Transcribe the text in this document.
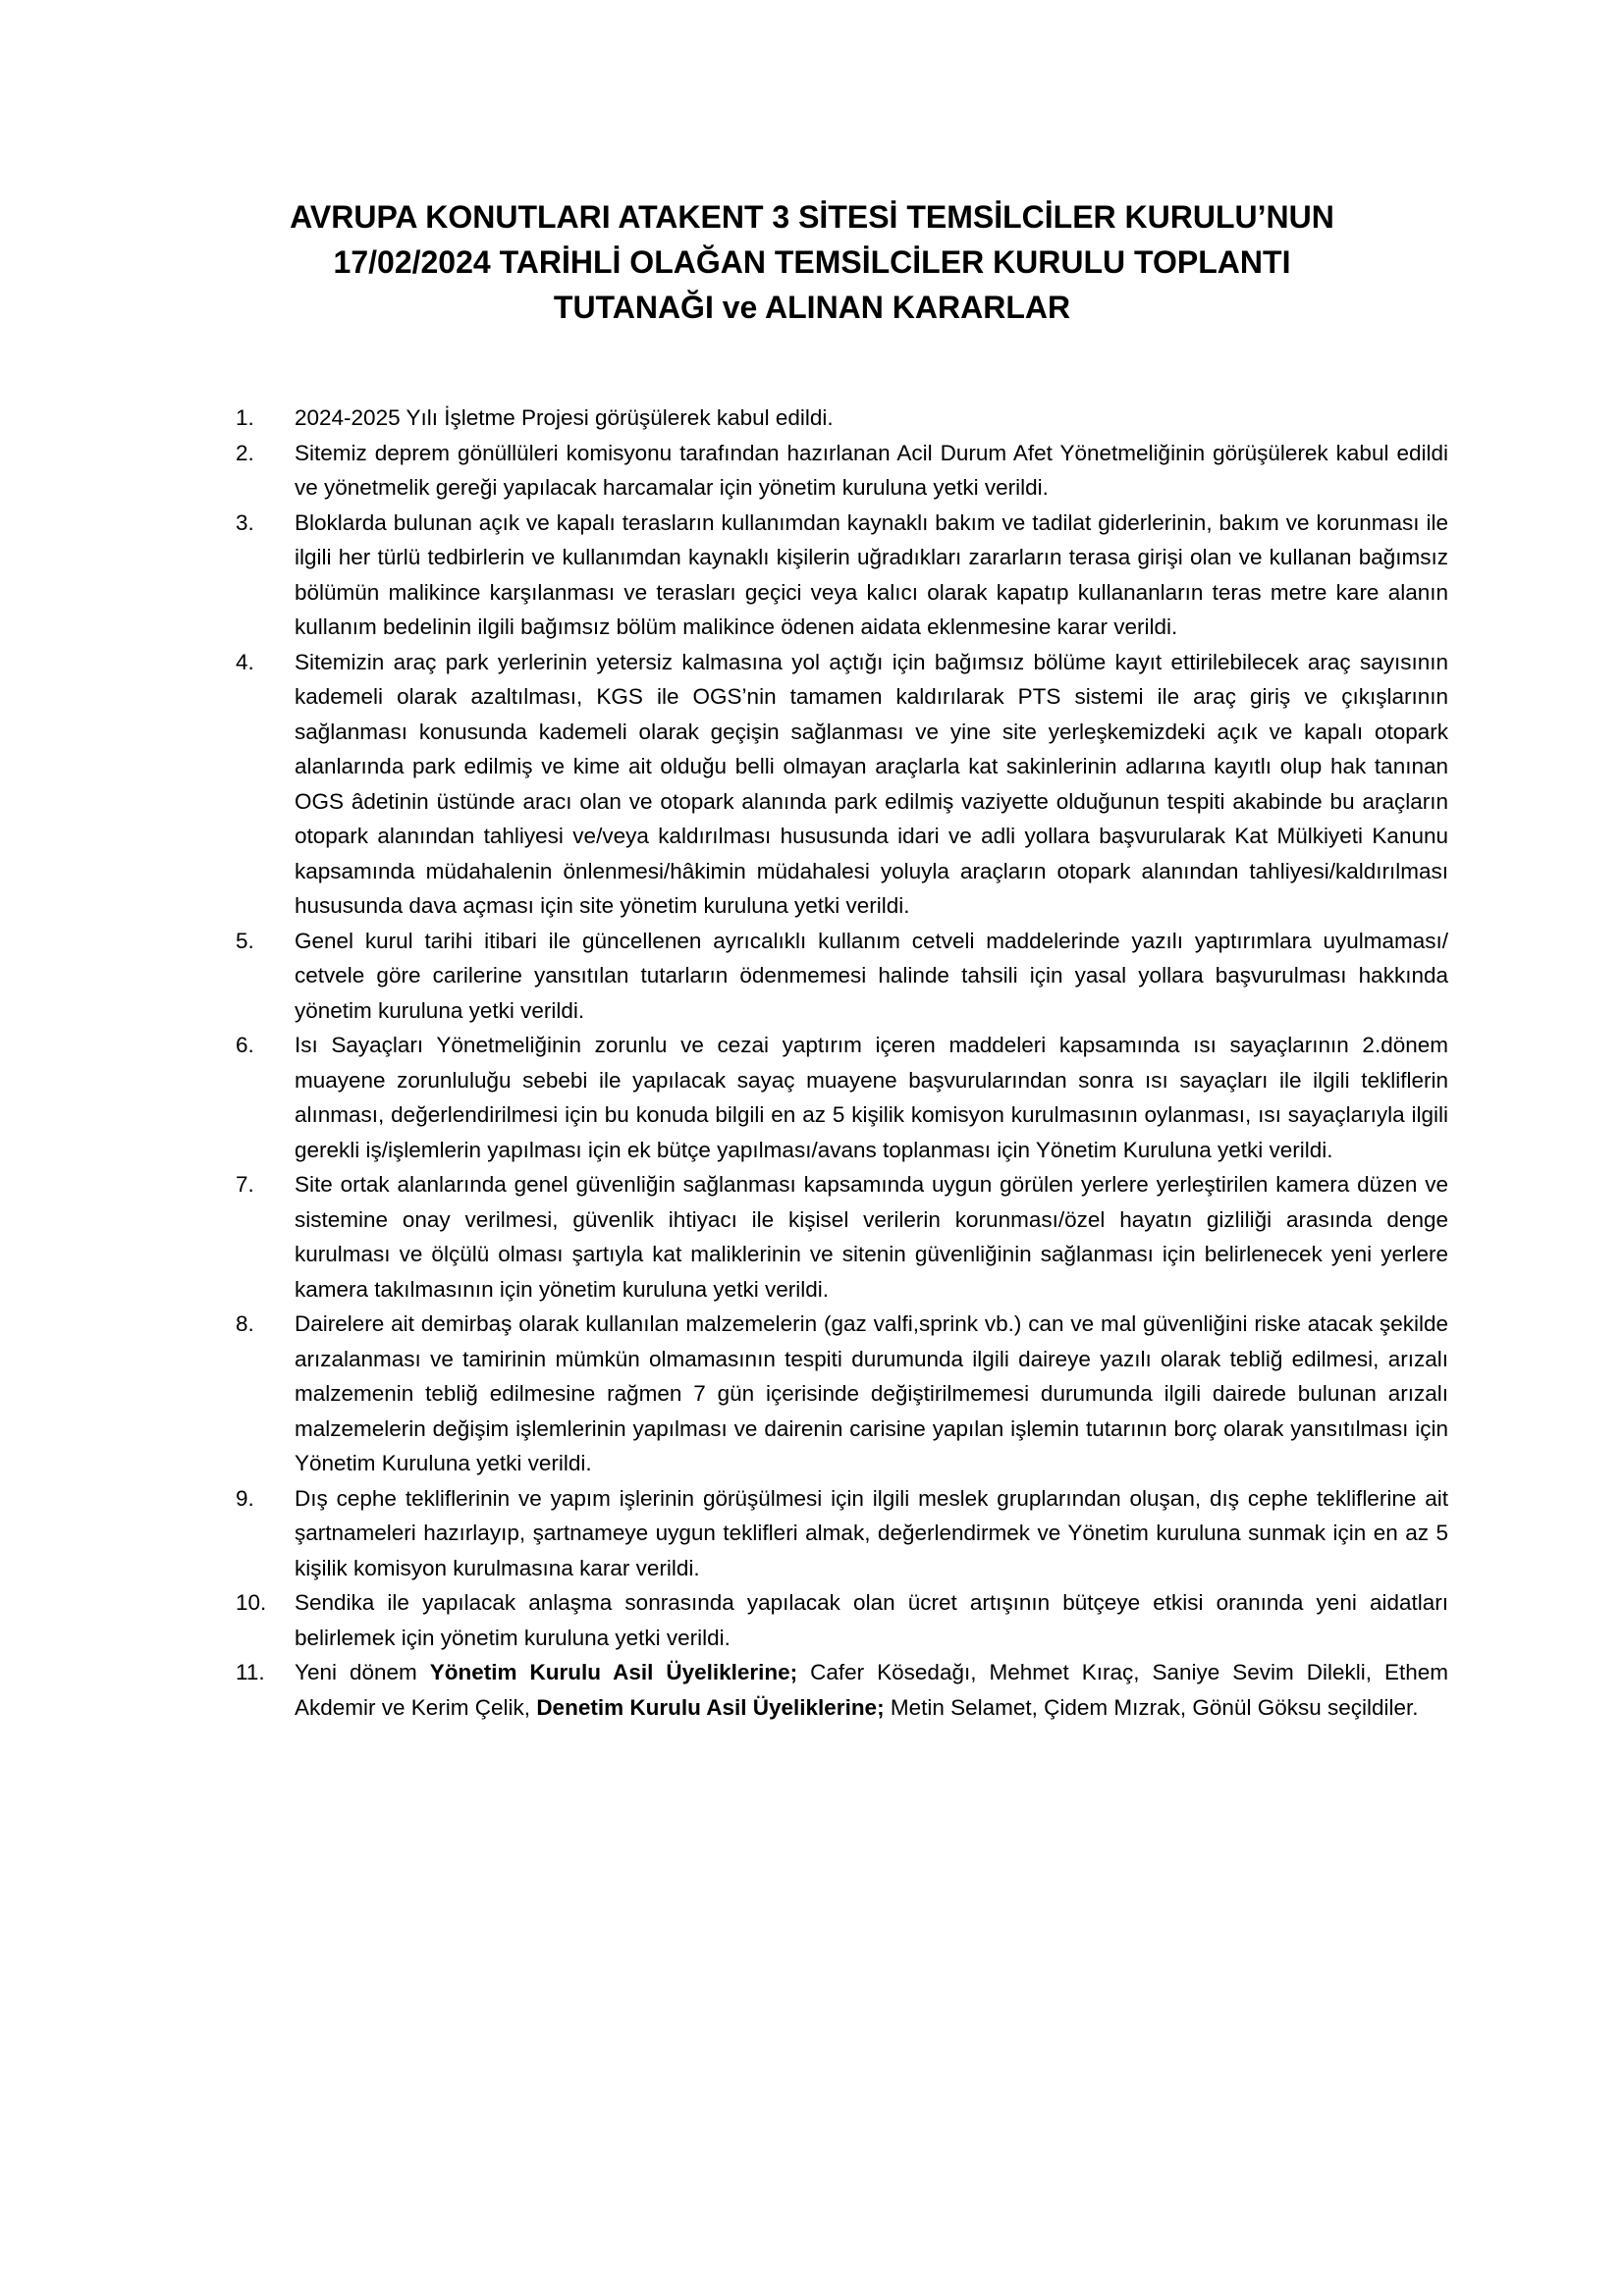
AVRUPA KONUTLARI ATAKENT 3 SİTESİ TEMSİLCİLER KURULU’NUN
17/02/2024 TARİHLİ OLAĞAN TEMSİLCİLER KURULU TOPLANTI
TUTANAĞI ve ALINAN KARARLAR
1.	2024-2025 Yılı İşletme Projesi görüşülerek kabul edildi.
2.	Sitemiz deprem gönüllüleri komisyonu tarafından hazırlanan Acil Durum Afet Yönetmeliğinin görüşülerek kabul edildi ve yönetmelik gereği yapılacak harcamalar için yönetim kuruluna yetki verildi.
3.	Bloklarda bulunan açık ve kapalı terasların kullanımdan kaynaklı bakım ve tadilat giderlerinin, bakım ve korunması ile ilgili her türlü tedbirlerin ve kullanımdan kaynaklı kişilerin uğradıkları zararların terasa girişi olan ve kullanan bağımsız bölümün malikince karşılanması ve terasları geçici veya kalıcı olarak kapatıp kullananların teras metre kare alanın kullanım bedelinin ilgili bağımsız bölüm malikince ödenen aidata eklenmesine karar verildi.
4.	Sitemizin araç park yerlerinin yetersiz kalmasına yol açtığı için bağımsız bölüme kayıt ettirilebilecek araç sayısının kademeli olarak azaltılması, KGS ile OGS’nin tamamen kaldırılarak PTS sistemi ile araç giriş ve çıkışlarının sağlanması konusunda kademeli olarak geçişin sağlanması ve yine site yerleşkemizdeki açık ve kapalı otopark alanlarında park edilmiş ve kime ait olduğu belli olmayan araçlarla kat sakinlerinin adlarına kayıtlı olup hak tanınan OGS âdetinin üstünde aracı olan ve otopark alanında park edilmiş vaziyette olduğunun tespiti akabinde bu araçların otopark alanından tahliyesi ve/veya kaldırılması hususunda idari ve adli yollara başvurularak Kat Mülkiyeti Kanunu kapsamında müdahalenin önlenmesi/hâkimin müdahalesi yoluyla araçların otopark alanından tahliyesi/kaldırılması hususunda dava açması için site yönetim kuruluna yetki verildi.
5.	Genel kurul tarihi itibari ile güncellenen ayrıcalıklı kullanım cetveli maddelerinde yazılı yaptırımlara uyulmaması/ cetvele göre carilerine yansıtılan tutarların ödenmemesi halinde tahsili için yasal yollara başvurulması hakkında yönetim kuruluna yetki verildi.
6.	Isı Sayaçları Yönetmeliğinin zorunlu ve cezai yaptırım içeren maddeleri kapsamında ısı sayaçlarının 2.dönem muayene zorunluluğu sebebi ile yapılacak sayaç muayene başvurularından sonra ısı sayaçları ile ilgili tekliflerin alınması, değerlendirilmesi için bu konuda bilgili en az 5 kişilik komisyon kurulmasının oylanması, ısı sayaçlarıyla ilgili gerekli iş/işlemlerin yapılması için ek bütçe yapılması/avans toplanması için Yönetim Kuruluna yetki verildi.
7.	Site ortak alanlarında genel güvenliğin sağlanması kapsamında uygun görülen yerlere yerleştirilen kamera düzen ve sistemine onay verilmesi, güvenlik ihtiyacı ile kişisel verilerin korunması/özel hayatın gizliliği arasında denge kurulması ve ölçülü olması şartıyla kat maliklerinin ve sitenin güvenliğinin sağlanması için belirlenecek yeni yerlere kamera takılmasının için yönetim kuruluna yetki verildi.
8.	Dairelere ait demirbaş olarak kullanılan malzemelerin (gaz valfi,sprink vb.) can ve mal güvenliğini riske atacak şekilde arızalanması ve tamirinin mümkün olmamasının tespiti durumunda ilgili daireye yazılı olarak tebliğ edilmesi, arızalı malzemenin tebliğ edilmesine rağmen 7 gün içerisinde değiştirilmemesi durumunda ilgili dairede bulunan arızalı malzemelerin değişim işlemlerinin yapılması ve dairenin carisine yapılan işlemin tutarının borç olarak yansıtılması için Yönetim Kuruluna yetki verildi.
9.	Dış cephe tekliflerinin ve yapım işlerinin görüşülmesi için ilgili meslek gruplarından oluşan, dış cephe tekliflerine ait şartnameleri hazırlayıp, şartnameye uygun teklifleri almak, değerlendirmek ve Yönetim kuruluna sunmak için en az 5 kişilik komisyon kurulmasına karar verildi.
10.	Sendika ile yapılacak anlaşma sonrasında yapılacak olan ücret artışının bütçeye etkisi oranında yeni aidatları belirlemek için yönetim kuruluna yetki verildi.
11.	Yeni dönem Yönetim Kurulu Asil Üyeliklerine; Cafer Kösedağı, Mehmet Kıraç, Saniye Sevim Dilekli, Ethem Akdemir ve Kerim Çelik, Denetim Kurulu Asil Üyeliklerine; Metin Selamet, Çidem Mızrak, Gönül Göksu seçildiler.
